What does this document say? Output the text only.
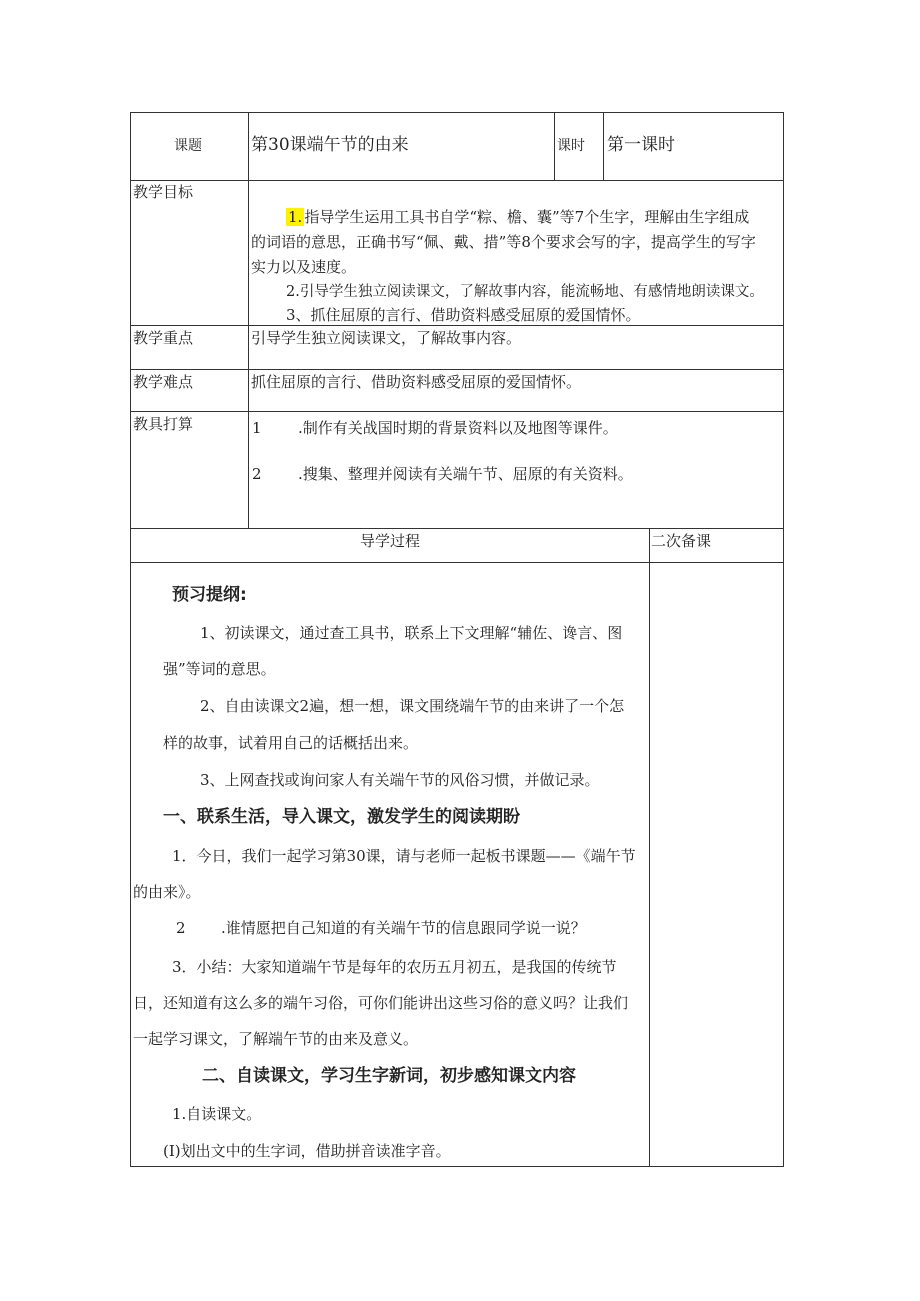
课题	第30课端午节的由来	课时 第一课时
教学目标
1. 指导学生运用工具书自学“粽、檐、囊”等7个生字，理解由生字组成
的词语的意思，正确书写“佩、戴、措”等8个要求会写的字，提高学生的写字
实力以及速度。
2.引导学生独立阅读课文，了解故事内容，能流畅地、有感情地朗读课文。
3、抓住屈原的言行、借助资料感受屈原的爱国情怀。
教学重点	引导学生独立阅读课文，了解故事内容。
教学难点	抓住屈原的言行、借助资料感受屈原的爱国情怀。
教具打算	1 .制作有关战国时期的背景资料以及地图等课件。
2 .搜集、整理并阅读有关端午节、屈原的有关资料。
导学过程	二次备课
预习提纲:
1、初读课文，通过查工具书，联系上下文理解“辅佐、谗言、图
强”等词的意思。
2、自由读课文2遍，想一想，课文围绕端午节的由来讲了一个怎
样的故事，试着用自己的话概括出来。
3、上网查找或询问家人有关端午节的风俗习惯，并做记录。
一、联系生活，导入课文，激发学生的阅读期盼
1．今日，我们一起学习第30课，请与老师一起板书课题——《端午节
的由来》。
2 .谁情愿把自己知道的有关端午节的信息跟同学说一说？
3．小结：大家知道端午节是每年的农历五月初五，是我国的传统节
日，还知道有这么多的端午习俗，可你们能讲出这些习俗的意义吗？让我们
一起学习课文，了解端午节的由来及意义。
二、自读课文，学习生字新词，初步感知课文内容
1.自读课文。
(I)划出文中的生字词，借助拼音读准字音。
